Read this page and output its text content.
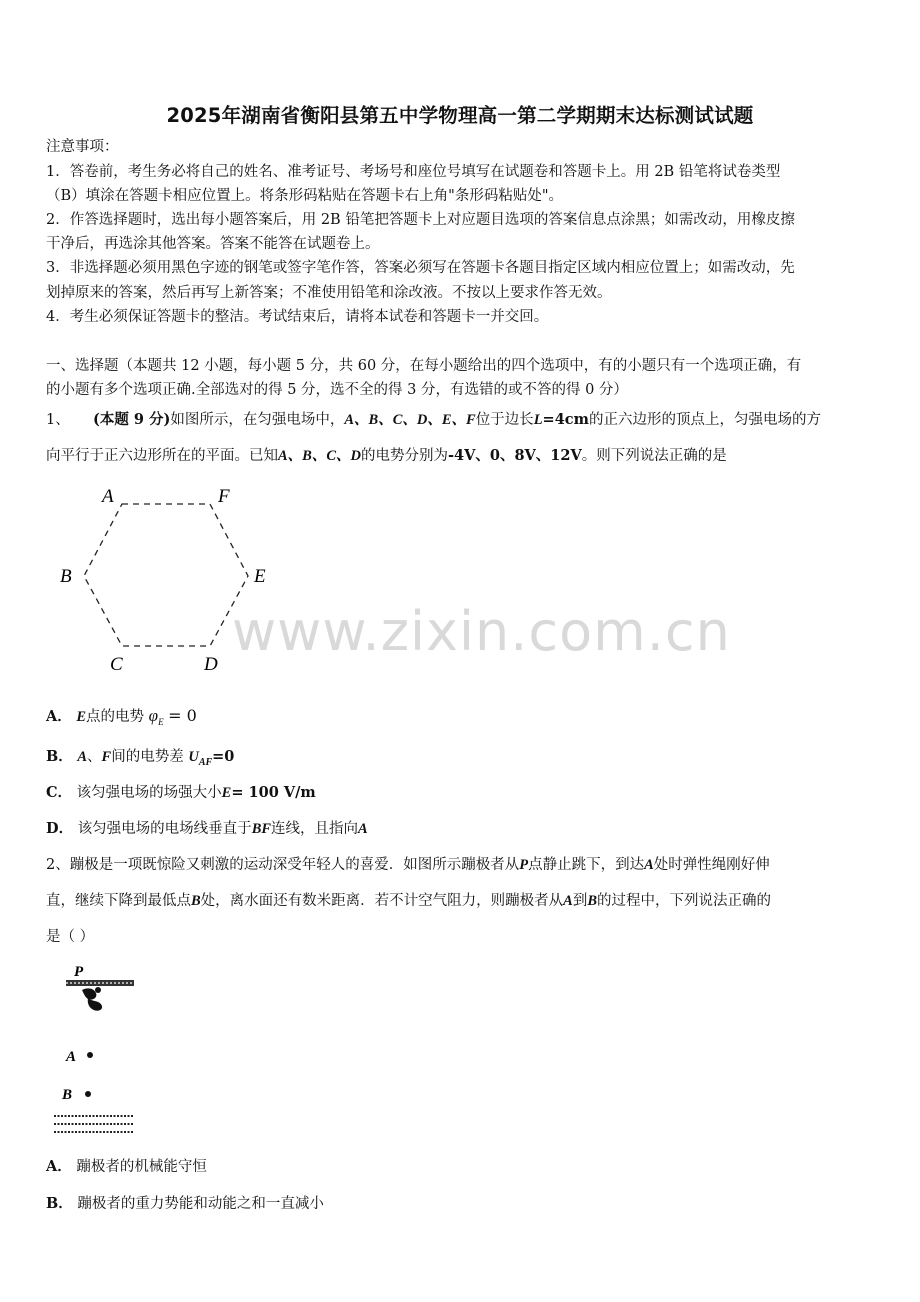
2025年湖南省衡阳县第五中学物理高一第二学期期末达标测试试题
注意事项：
1．答卷前，考生务必将自己的姓名、准考证号、考场号和座位号填写在试题卷和答题卡上。用 2B 铅笔将试卷类型
（B）填涂在答题卡相应位置上。将条形码粘贴在答题卡右上角"条形码粘贴处"。
2．作答选择题时，选出每小题答案后，用 2B 铅笔把答题卡上对应题目选项的答案信息点涂黑；如需改动，用橡皮擦
干净后，再选涂其他答案。答案不能答在试题卷上。
3．非选择题必须用黑色字迹的钢笔或签字笔作答，答案必须写在答题卡各题目指定区域内相应位置上；如需改动，先
划掉原来的答案，然后再写上新答案；不准使用铅笔和涂改液。不按以上要求作答无效。
4．考生必须保证答题卡的整洁。考试结束后，请将本试卷和答题卡一并交回。
一、选择题（本题共 12 小题，每小题 5 分，共 60 分，在每小题给出的四个选项中，有的小题只有一个选项正确，有
的小题有多个选项正确.全部选对的得 5 分，选不全的得 3 分，有选错的或不答的得 0 分）
1、 (本题 9 分)如图所示，在匀强电场中，A、B、C、D、E、F位于边长L=4cm的正六边形的顶点上，匀强电场的方
向平行于正六边形所在的平面。已知A、B、C、D的电势分别为-4V、0、8V、12V。则下列说法正确的是
A	F
B	E
C	D
www.zixin.com.cn
A． E点的电势 $\varphi_E = 0$
B． A、F间的电势差 $U_{AF}=0$
C． 该匀强电场的场强大小E= 100 V/m
D． 该匀强电场的电场线垂直于BF连线，且指向A
2、蹦极是一项既惊险又刺激的运动深受年轻人的喜爱．如图所示蹦极者从P点静止跳下，到达A处时弹性绳刚好伸
直，继续下降到最低点B处，离水面还有数米距离．若不计空气阻力，则蹦极者从A到B的过程中，下列说法正确的
是（ ）
P
A
B
A． 蹦极者的机械能守恒
B． 蹦极者的重力势能和动能之和一直减小
